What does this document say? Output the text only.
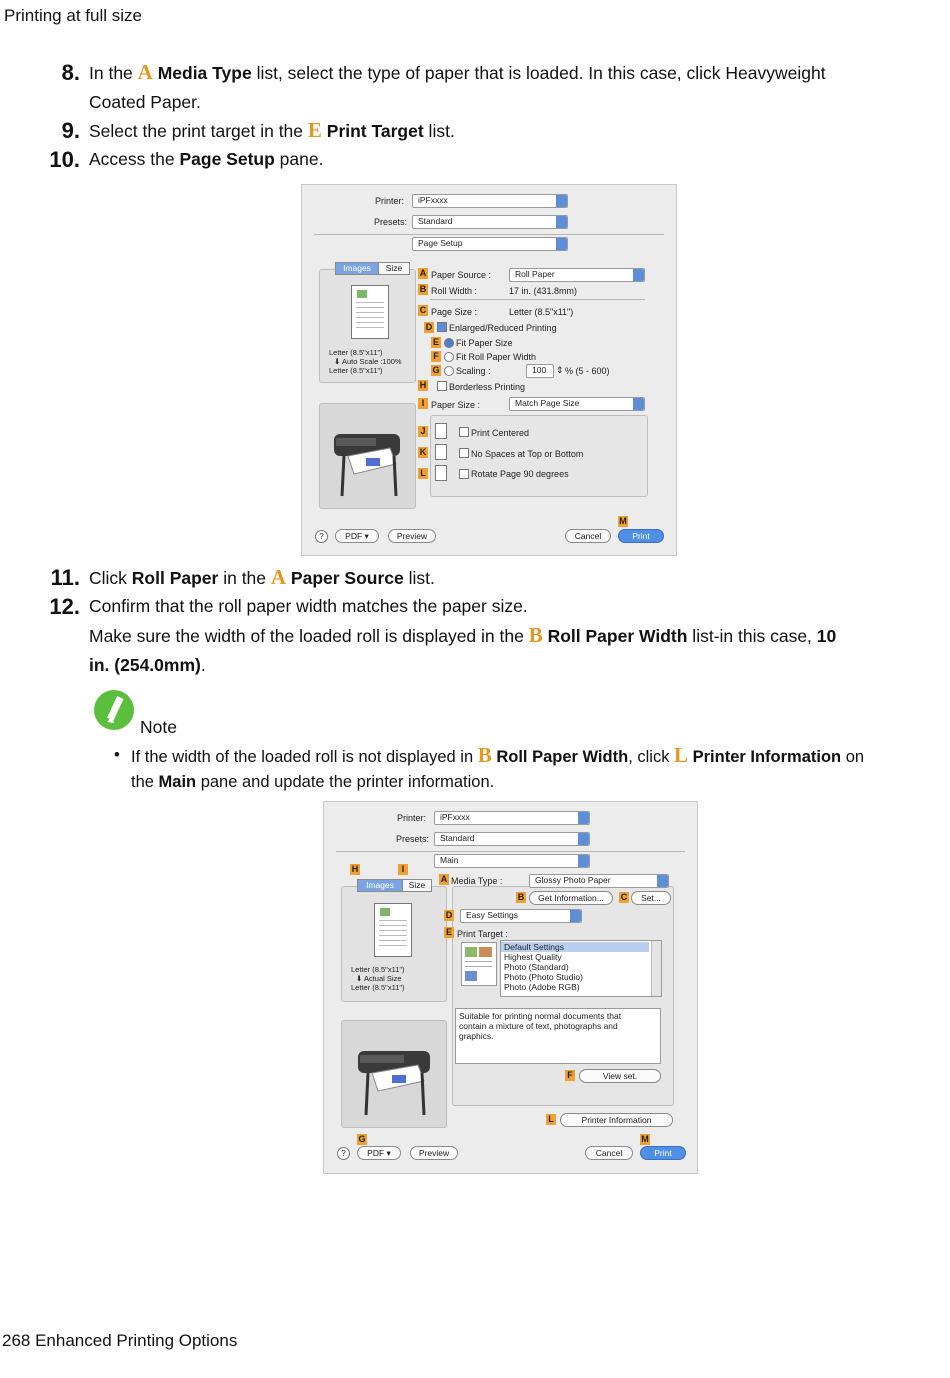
Printing at full size
8. In the A Media Type list, select the type of paper that is loaded. In this case, click Heavyweight
Coated Paper.
9. Select the print target in the E Print Target list.
10. Access the Page Setup pane.
Printer: iPFxxxx
Presets: Standard
Page Setup
Images	Size
Letter (8.5"x11")
⬇ Auto Scale :100%
Letter (8.5"x11")
A Paper Source :	Roll Paper
B Roll Width :	17 in. (431.8mm)
C Page Size :	Letter (8.5"x11")
D Enlarged/Reduced Printing
E Fit Paper Size
F Fit Roll Paper Width
G Scaling :	100 ⇕ % (5 - 600)
H	Borderless Printing
I Paper Size :	Match Page Size
J	Print Centered
K	No Spaces at Top or Bottom
L	Rotate Page 90 degrees
?	PDF ▾	Preview
M
Cancel	Print
11. Click Roll Paper in the A Paper Source list.
12. Confirm that the roll paper width matches the paper size.
Make sure the width of the loaded roll is displayed in the B Roll Paper Width list-in this case, 10
in. (254.0mm).
Note
• If the width of the loaded roll is not displayed in B Roll Paper Width, click L Printer Information on
the Main pane and update the printer information.
Printer: iPFxxxx
Presets: Standard
Main
H	I
Images	Size
Letter (8.5"x11")
⬇ Actual Size
Letter (8.5"x11")
A Media Type :	Glossy Photo Paper
B	Get Information...	C	Set...
D Easy Settings
E Print Target :
Default Settings
Highest Quality
Photo (Standard)
Photo (Photo Studio)
Photo (Adobe RGB)
Suitable for printing normal documents that
contain a mixture of text, photographs and
graphics.
F	View set.
L	Printer Information
G
?	PDF ▾	Preview
M
Cancel	Print
268 Enhanced Printing Options
